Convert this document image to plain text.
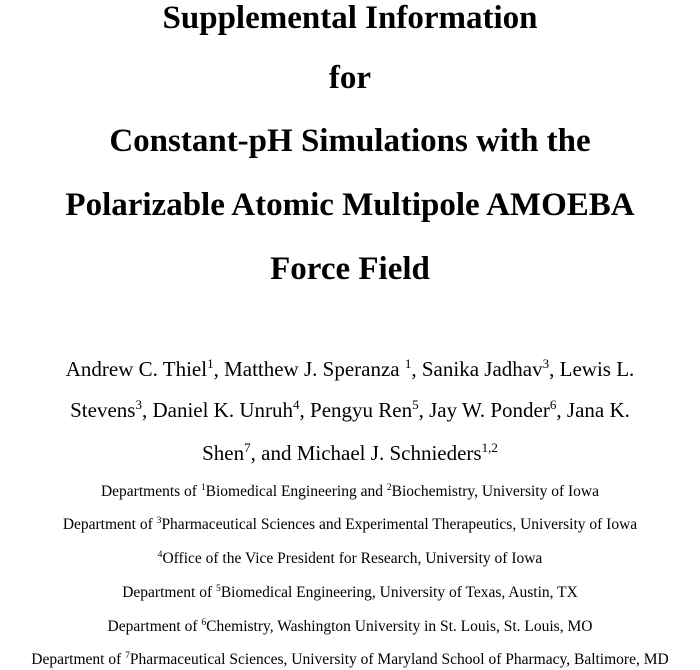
Supplemental Information
for
Constant-pH Simulations with the
Polarizable Atomic Multipole AMOEBA
Force Field
Andrew C. Thiel$^1$, Matthew J. Speranza $^1$, Sanika Jadhav$^3$, Lewis L.
Stevens$^3$, Daniel K. Unruh$^4$, Pengyu Ren$^5$, Jay W. Ponder$^6$, Jana K.
Shen$^7$, and Michael J. Schnieders$^{1,2}$
Departments of $^1$Biomedical Engineering and $^2$Biochemistry, University of Iowa
Department of $^3$Pharmaceutical Sciences and Experimental Therapeutics, University of Iowa
$^4$Office of the Vice President for Research, University of Iowa
Department of $^5$Biomedical Engineering, University of Texas, Austin, TX
Department of $^6$Chemistry, Washington University in St. Louis, St. Louis, MO
Department of $^7$Pharmaceutical Sciences, University of Maryland School of Pharmacy, Baltimore, MD
